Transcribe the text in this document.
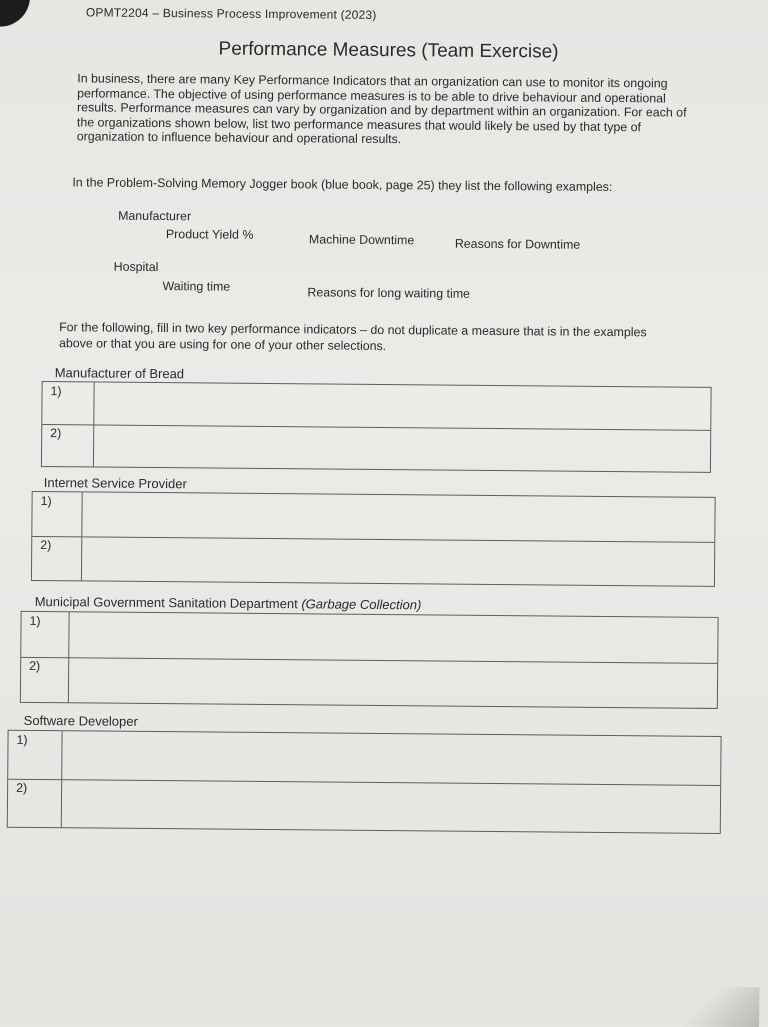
OPMT2204 – Business Process Improvement (2023)
Performance Measures (Team Exercise)
In business, there are many Key Performance Indicators that an organization can use to monitor its ongoing performance. The objective of using performance measures is to be able to drive behaviour and operational results. Performance measures can vary by organization and by department within an organization. For each of the organizations shown below, list two performance measures that would likely be used by that type of organization to influence behaviour and operational results.
In the Problem-Solving Memory Jogger book (blue book, page 25) they list the following examples:
Manufacturer
Product Yield %	Machine Downtime	Reasons for Downtime
Hospital
Waiting time	Reasons for long waiting time
For the following, fill in two key performance indicators – do not duplicate a measure that is in the examples above or that you are using for one of your other selections.
Manufacturer of Bread
1)
2)
Internet Service Provider
1)
2)
Municipal Government Sanitation Department (Garbage Collection)
1)
2)
Software Developer
1)
2)
